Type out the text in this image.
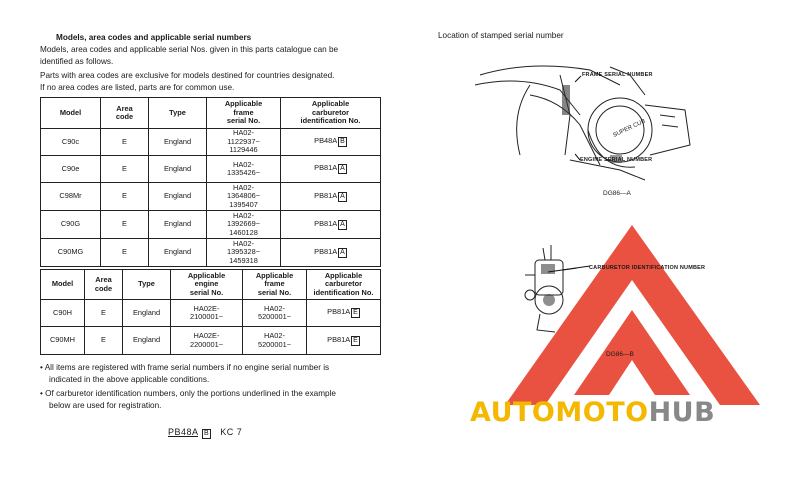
Models, area codes and applicable serial numbers
Models, area codes and applicable serial Nos. given in this parts catalogue can be
identified as follows.
Parts with area codes are exclusive for models destined for countries designated.
If no area codes are listed, parts are for common use.
Model	Area
code	Type	Applicable
frame
serial No.	Applicable
carburetor
identification No.
C90c	E	England	HA02-
1122937~
1129446	PB48A B
C90e	E	England	HA02-
1335426~	PB81A A
C98Mr	E	England	HA02-
1364806~
1395407	PB81A A
C90G	E	England	HA02-
1392669~
1460128	PB81A A
C90MG	E	England	HA02-
1395328~
1459318	PB81A A
Model	Area
code	Type	Applicable
engine
serial No.	Applicable
frame
serial No.	Applicable
carburetor
identification No.
C90H	E	England	HA02E-
2100001~	HA02-
5200001~	PB81A E
C90MH	E	England	HA02E-
2200001~	HA02-
5200001~	PB81A E
• All items are registered with frame serial numbers if no engine serial number is
indicated in the above applicable conditions.
• Of carburetor identification numbers, only the portions underlined in the example
below are used for registration.
PB48A B KC 7
Location of stamped serial number
SUPER CUB
FRAME SERIAL NUMBER
ENGINE SERIAL NUMBER
DG86—A
CARBURETOR IDENTIFICATION NUMBER
DG86—B
AUTOMOTOHUB
